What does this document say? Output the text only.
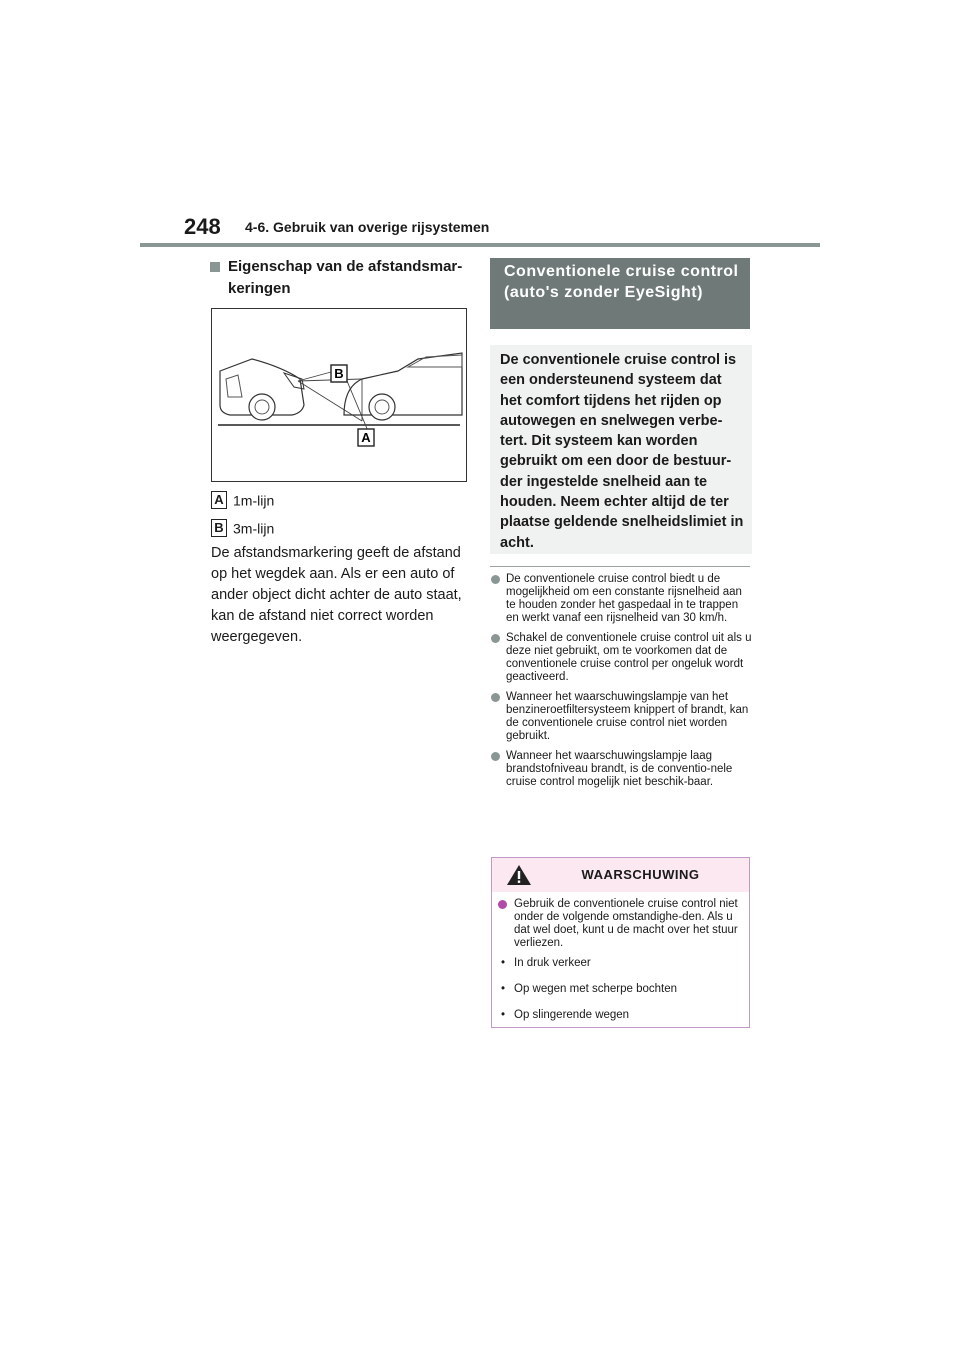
248 4-6. Gebruik van overige rijsystemen
Eigenschap van de afstandsmar-keringen
B
A
A 1m-lijn
B 3m-lijn
De afstandsmarkering geeft de afstand op het wegdek aan. Als er een auto of ander object dicht achter de auto staat, kan de afstand niet correct worden weergegeven.
Conventionele cruise control (auto's zonder EyeSight)
De conventionele cruise control is een ondersteunend systeem dat het comfort tijdens het rijden op autowegen en snelwegen verbe-tert. Dit systeem kan worden gebruikt om een door de bestuur-der ingestelde snelheid aan te houden. Neem echter altijd de ter plaatse geldende snelheidslimiet in acht.
De conventionele cruise control biedt u de mogelijkheid om een constante rijsnelheid aan te houden zonder het gaspedaal in te trappen en werkt vanaf een rijsnelheid van 30 km/h.
Schakel de conventionele cruise control uit als u deze niet gebruikt, om te voorkomen dat de conventionele cruise control per ongeluk wordt geactiveerd.
Wanneer het waarschuwingslampje van het benzineroetfiltersysteem knippert of brandt, kan de conventionele cruise control niet worden gebruikt.
Wanneer het waarschuwingslampje laag brandstofniveau brandt, is de conventio-nele cruise control mogelijk niet beschik-baar.
WAARSCHUWING
Gebruik de conventionele cruise control niet onder de volgende omstandighe-den. Als u dat wel doet, kunt u de macht over het stuur verliezen.
• In druk verkeer
• Op wegen met scherpe bochten
• Op slingerende wegen
